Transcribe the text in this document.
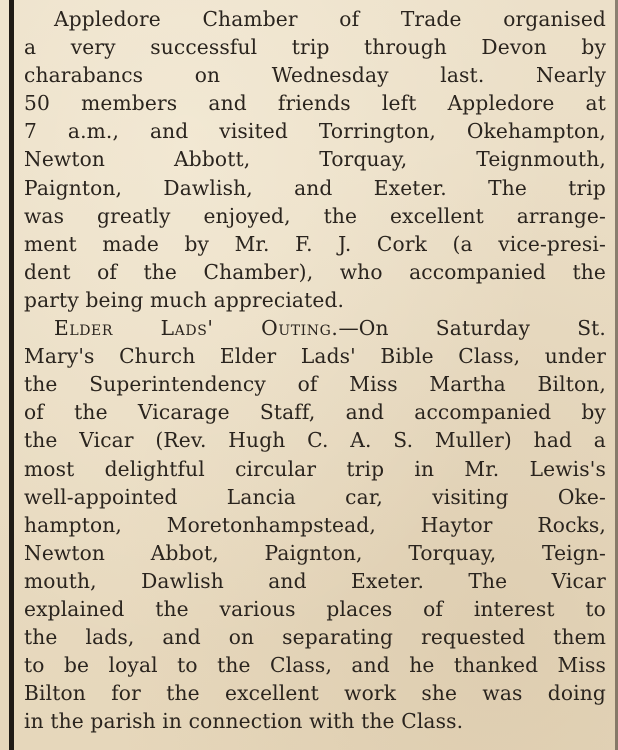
Appledore Chamber of Trade organised
a very successful trip through Devon by
charabancs on Wednesday last. Nearly
50 members and friends left Appledore at
7 a.m., and visited Torrington, Okehampton,
Newton Abbott, Torquay, Teignmouth,
Paignton, Dawlish, and Exeter. The trip
was greatly enjoyed, the excellent arrange-
ment made by Mr. F. J. Cork (a vice-presi-
dent of the Chamber), who accompanied the
party being much appreciated.
Elder Lads' Outing.—On Saturday St.
Mary's Church Elder Lads' Bible Class, under
the Superintendency of Miss Martha Bilton,
of the Vicarage Staff, and accompanied by
the Vicar (Rev. Hugh C. A. S. Muller) had a
most delightful circular trip in Mr. Lewis's
well-appointed Lancia car, visiting Oke-
hampton, Moretonhampstead, Haytor Rocks,
Newton Abbot, Paignton, Torquay, Teign-
mouth, Dawlish and Exeter. The Vicar
explained the various places of interest to
the lads, and on separating requested them
to be loyal to the Class, and he thanked Miss
Bilton for the excellent work she was doing
in the parish in connection with the Class.
